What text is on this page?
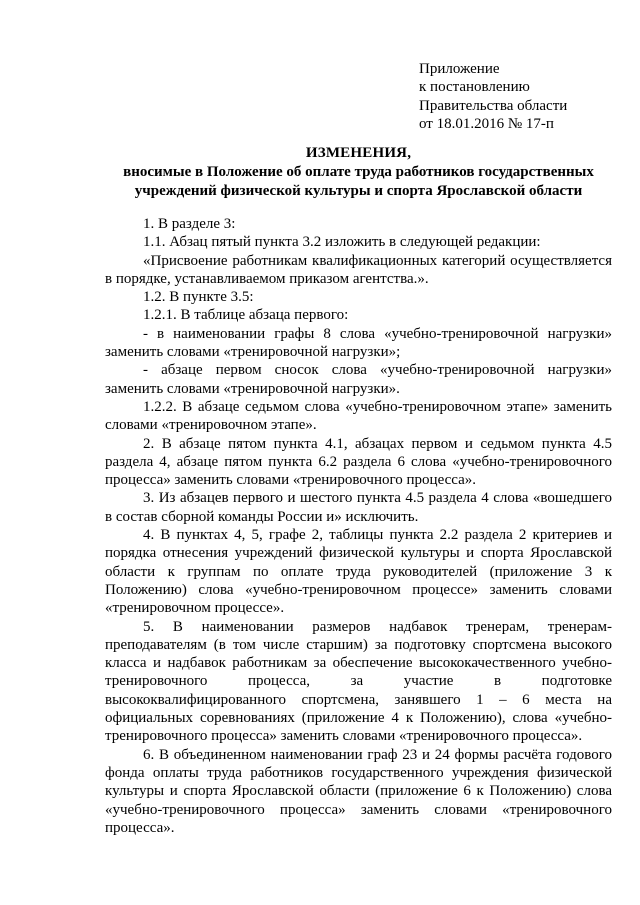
Приложение
к постановлению
Правительства области
от 18.01.2016 № 17-п
ИЗМЕНЕНИЯ,
вносимые в Положение об оплате труда работников государственных учреждений физической культуры и спорта Ярославской области

1. В разделе 3:

1.1. Абзац пятый пункта 3.2 изложить в следующей редакции:

«Присвоение работникам квалификационных категорий осуществляется в порядке, устанавливаемом приказом агентства.».

1.2. В пункте 3.5:

1.2.1. В таблице абзаца первого:

- в наименовании графы 8 слова «учебно-тренировочной нагрузки» заменить словами «тренировочной нагрузки»;

- абзаце первом сносок слова «учебно-тренировочной нагрузки» заменить словами «тренировочной нагрузки».

1.2.2. В абзаце седьмом слова «учебно-тренировочном этапе» заменить словами «тренировочном этапе».

2. В абзаце пятом пункта 4.1, абзацах первом и седьмом пункта 4.5 раздела 4, абзаце пятом пункта 6.2 раздела 6 слова «учебно-тренировочного процесса» заменить словами «тренировочного процесса».

3. Из абзацев первого и шестого пункта 4.5 раздела 4 слова «вошедшего в состав сборной команды России и» исключить.

4. В пунктах 4, 5, графе 2, таблицы пункта 2.2 раздела 2 критериев и порядка отнесения учреждений физической культуры и спорта Ярославской области к группам по оплате труда руководителей (приложение 3 к Положению) слова «учебно-тренировочном процессе» заменить словами «тренировочном процессе».

5. В наименовании размеров надбавок тренерам, тренерам-преподавателям (в том числе старшим) за подготовку спортсмена высокого класса и надбавок работникам за обеспечение высококачественного учебно-тренировочного процесса, за участие в подготовке высококвалифицированного спортсмена, занявшего 1 – 6 места на официальных соревнованиях (приложение 4 к Положению), слова «учебно-тренировочного процесса» заменить словами «тренировочного процесса».

6. В объединенном наименовании граф 23 и 24 формы расчёта годового фонда оплаты труда работников государственного учреждения физической культуры и спорта Ярославской области (приложение 6 к Положению) слова «учебно-тренировочного процесса» заменить словами «тренировочного процесса».
